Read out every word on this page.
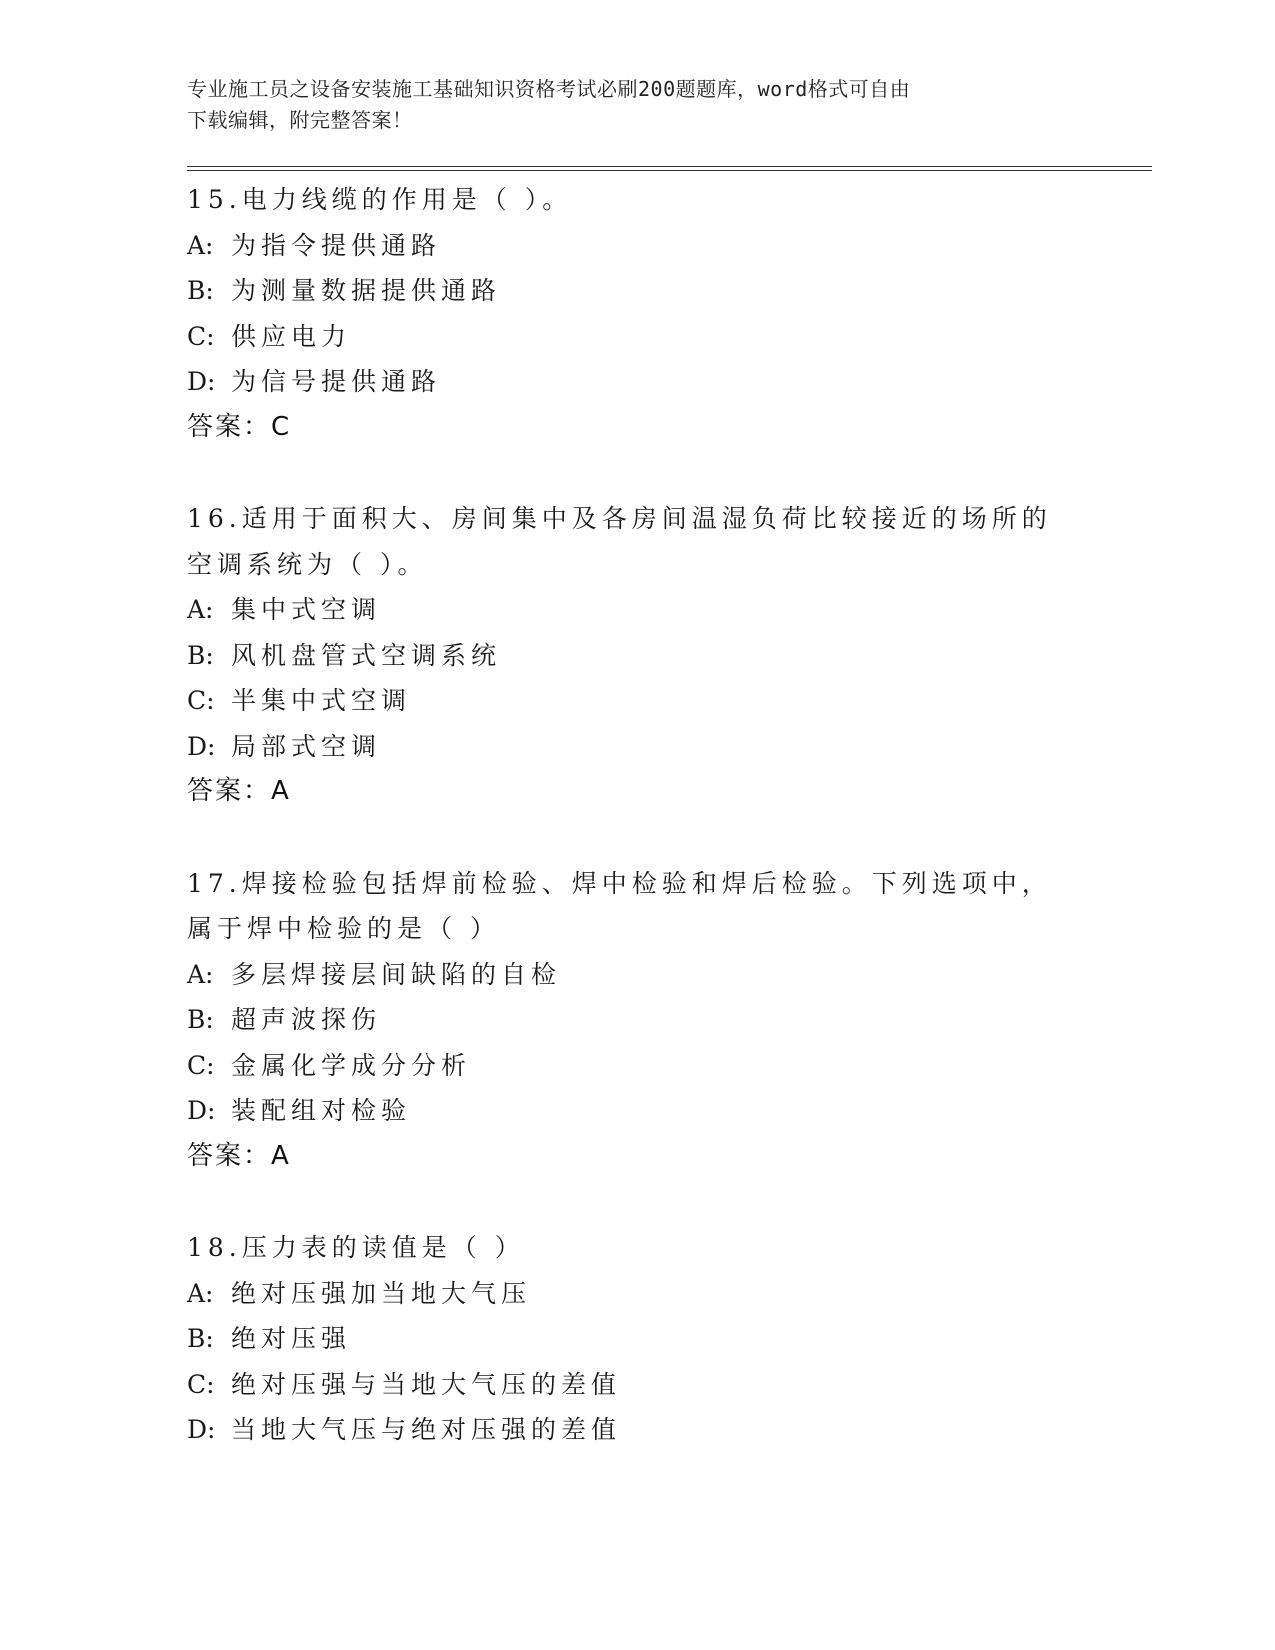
专业施工员之设备安装施工基础知识资格考试必刷200题题库，word格式可自由
下载编辑，附完整答案！
15.电力线缆的作用是（ ）。
A: 为指令提供通路
B: 为测量数据提供通路
C: 供应电力
D: 为信号提供通路
答案：C
16.适用于面积大、房间集中及各房间温湿负荷比较接近的场所的空调系统为（ ）。
A: 集中式空调
B: 风机盘管式空调系统
C: 半集中式空调
D: 局部式空调
答案：A
17.焊接检验包括焊前检验、焊中检验和焊后检验。下列选项中，属于焊中检验的是（ ）
A: 多层焊接层间缺陷的自检
B: 超声波探伤
C: 金属化学成分分析
D: 装配组对检验
答案：A
18.压力表的读值是（ ）
A: 绝对压强加当地大气压
B: 绝对压强
C: 绝对压强与当地大气压的差值
D: 当地大气压与绝对压强的差值
